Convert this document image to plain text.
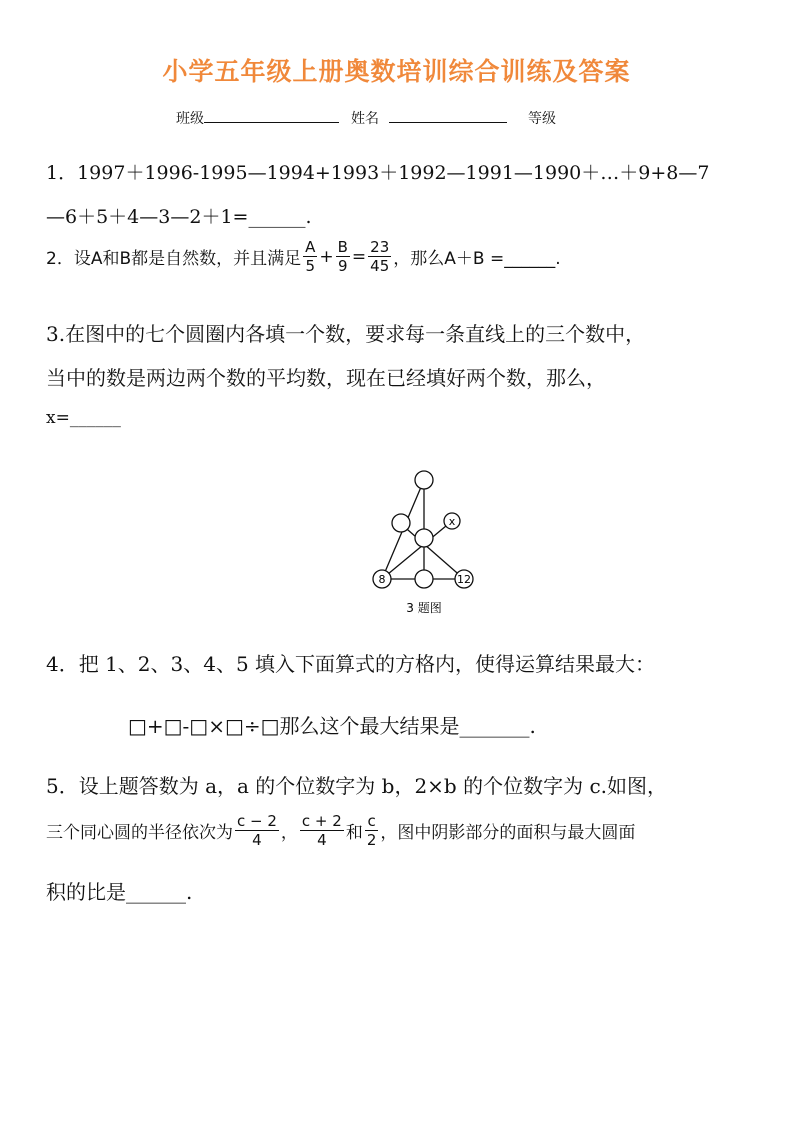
小学五年级上册奥数培训综合训练及答案
班级	姓名	等级
1．1997＋1996-1995—1994+1993＋1992—1991—1990＋…＋9+8—7
—6＋5＋4—3—2＋1=______.
2．设A和B都是自然数，并且满足 $\frac{A}{5} + \frac{B}{9} = \frac{23}{45}$ ，那么A＋B =______.
3.在图中的七个圆圈内各填一个数，要求每一条直线上的三个数中，
当中的数是两边两个数的平均数，现在已经填好两个数，那么，
x=______
x
8	12
3 题图
4．把 1、2、3、4、5 填入下面算式的方格内，使得运算结果最大：
□+□-□×□÷□那么这个最大结果是_______.
5．设上题答数为 a，a 的个位数字为 b，2×b 的个位数字为 c.如图，
三个同心圆的半径依次为 $\frac{c - 2}{4}$ ， $\frac{c + 2}{4}$ 和 $\frac{c}{2}$ ，图中阴影部分的面积与最大圆面
积的比是______.
